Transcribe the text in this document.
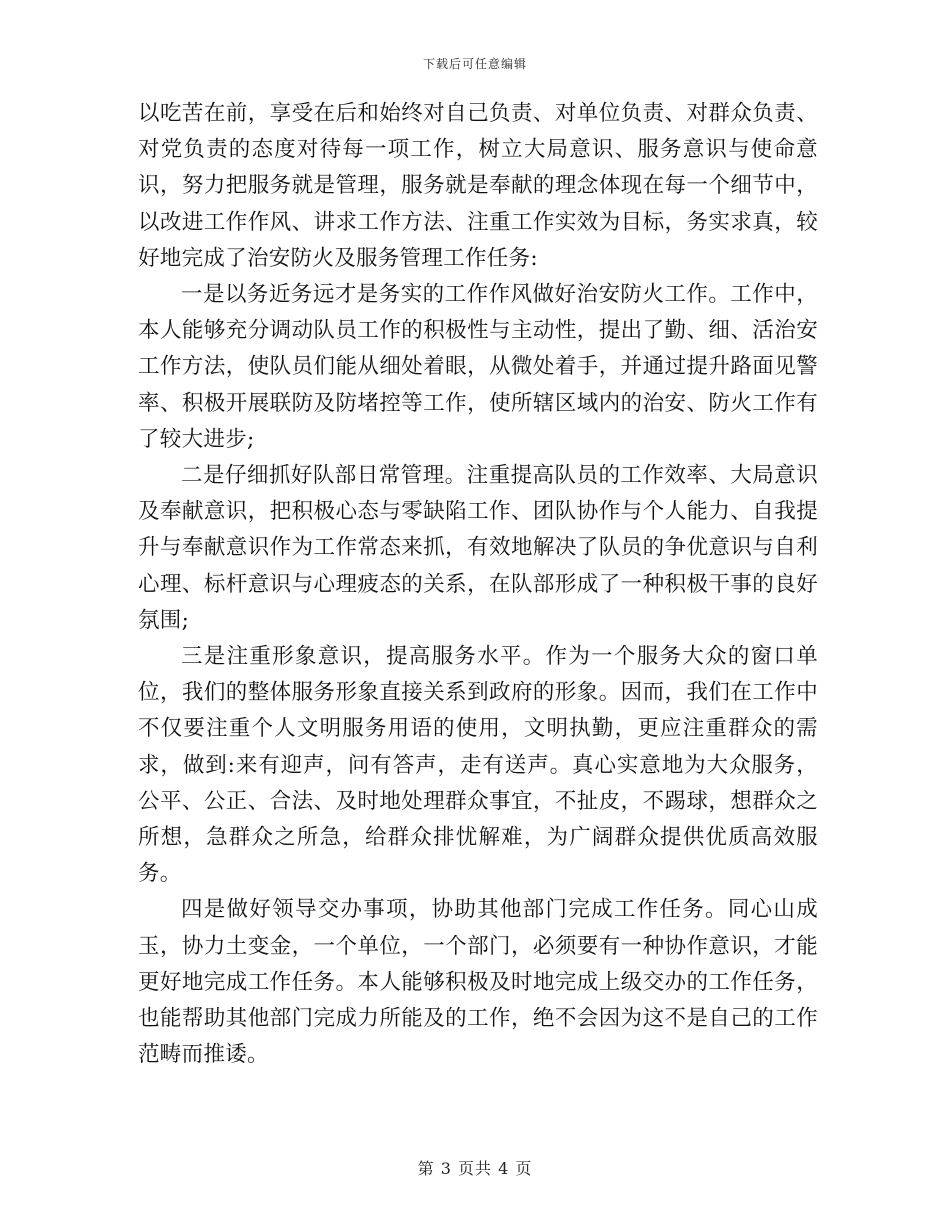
下载后可任意编辑

以吃苦在前，享受在后和始终对自己负责、对单位负责、对群众负责、对党负责的态度对待每一项工作，树立大局意识、服务意识与使命意识，努力把服务就是管理，服务就是奉献的理念体现在每一个细节中，以改进工作作风、讲求工作方法、注重工作实效为目标，务实求真，较好地完成了治安防火及服务管理工作任务:

一是以务近务远才是务实的工作作风做好治安防火工作。工作中，本人能够充分调动队员工作的积极性与主动性，提出了勤、细、活治安工作方法，使队员们能从细处着眼，从微处着手，并通过提升路面见警率、积极开展联防及防堵控等工作，使所辖区域内的治安、防火工作有了较大进步;

二是仔细抓好队部日常管理。注重提高队员的工作效率、大局意识及奉献意识，把积极心态与零缺陷工作、团队协作与个人能力、自我提升与奉献意识作为工作常态来抓，有效地解决了队员的争优意识与自利心理、标杆意识与心理疲态的关系，在队部形成了一种积极干事的良好氛围;

三是注重形象意识，提高服务水平。作为一个服务大众的窗口单位，我们的整体服务形象直接关系到政府的形象。因而，我们在工作中不仅要注重个人文明服务用语的使用，文明执勤，更应注重群众的需求，做到:来有迎声，问有答声，走有送声。真心实意地为大众服务，公平、公正、合法、及时地处理群众事宜，不扯皮，不踢球，想群众之所想，急群众之所急，给群众排忧解难，为广阔群众提供优质高效服务。

四是做好领导交办事项，协助其他部门完成工作任务。同心山成玉，协力土变金，一个单位，一个部门，必须要有一种协作意识，才能更好地完成工作任务。本人能够积极及时地完成上级交办的工作任务，也能帮助其他部门完成力所能及的工作，绝不会因为这不是自己的工作范畴而推诿。

第 3 页共 4 页
